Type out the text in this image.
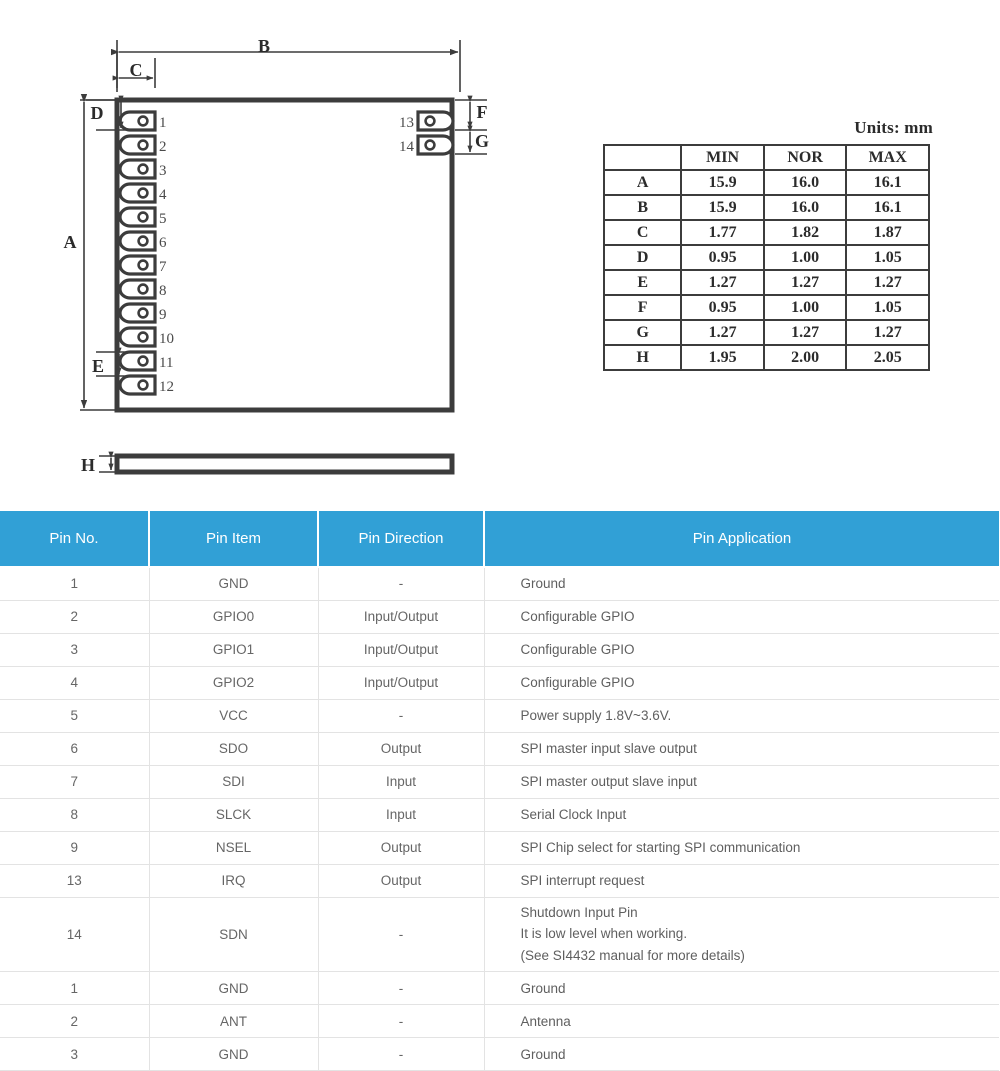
B
C
A
D
E
F
G
H
1
2
3
4
5
6
7
8
9
10
11
12
13
14
Units: mm
	MIN	NOR	MAX
A	15.9	16.0	16.1
B	15.9	16.0	16.1
C	1.77	1.82	1.87
D	0.95	1.00	1.05
E	1.27	1.27	1.27
F	0.95	1.00	1.05
G	1.27	1.27	1.27
H	1.95	2.00	2.05
Pin No.	Pin Item	Pin Direction	Pin Application
1	GND	-	Ground
2	GPIO0	Input/Output	Configurable GPIO
3	GPIO1	Input/Output	Configurable GPIO
4	GPIO2	Input/Output	Configurable GPIO
5	VCC	-	Power supply 1.8V~3.6V.
6	SDO	Output	SPI master input slave output
7	SDI	Input	SPI master output slave input
8	SLCK	Input	Serial Clock Input
9	NSEL	Output	SPI Chip select for starting SPI communication
13	IRQ	Output	SPI interrupt request
14	SDN	-	Shutdown Input Pin
It is low level when working.
(See SI4432 manual for more details)
1	GND	-	Ground
2	ANT	-	Antenna
3	GND	-	Ground
